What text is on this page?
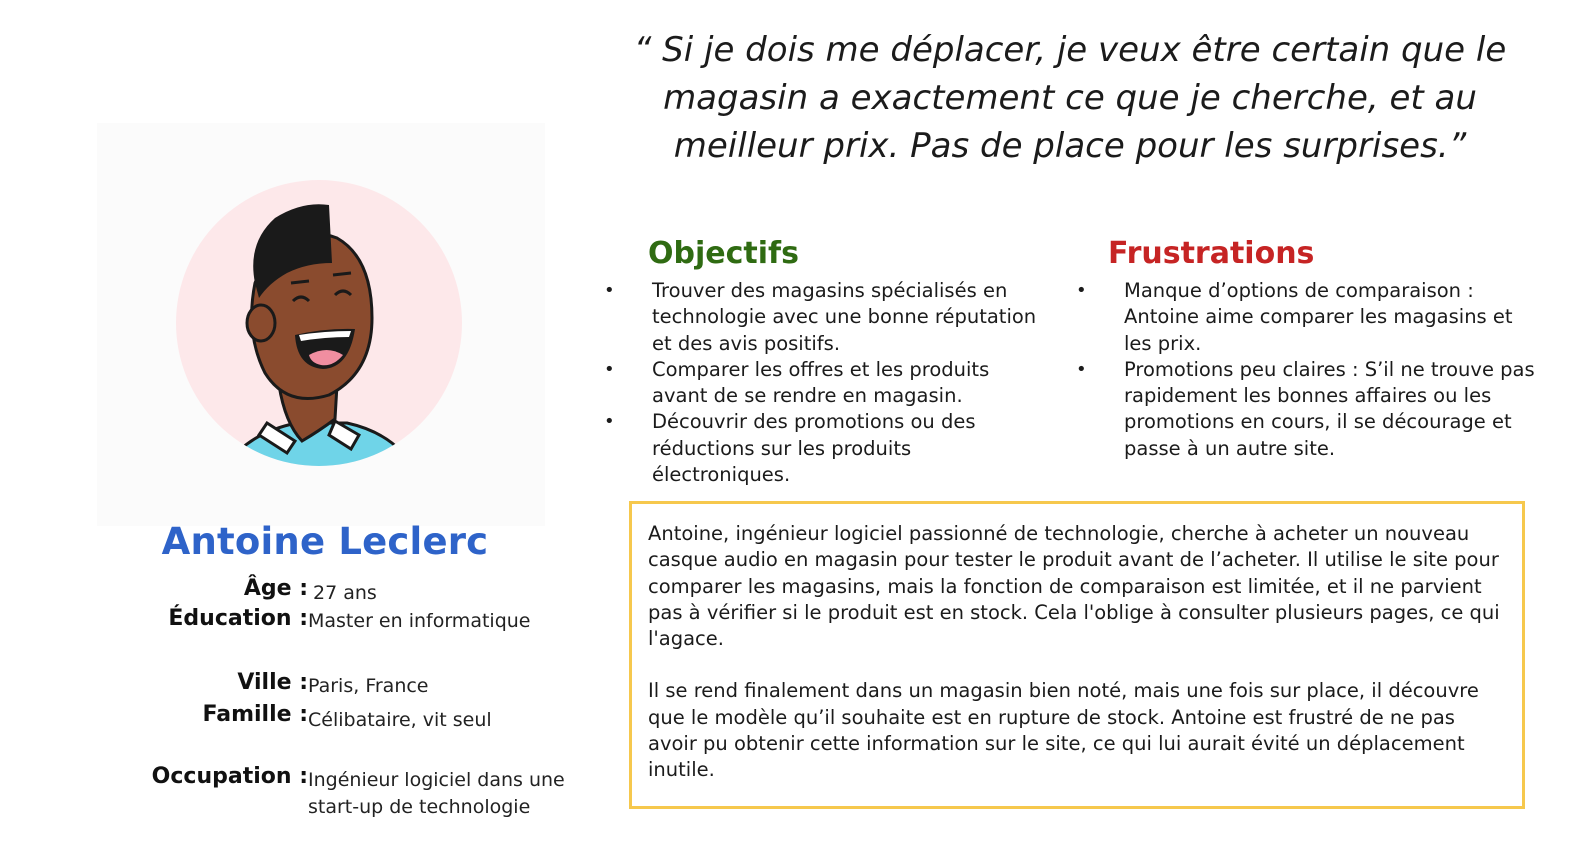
Antoine Leclerc
Âge : 27 ans
Éducation : Master en informatique
Ville : Paris, France
Famille : Célibataire, vit seul
Occupation : Ingénieur logiciel dans une start-up de technologie
“ Si je dois me déplacer, je veux être certain que le magasin a exactement ce que je cherche, et au meilleur prix. Pas de place pour les surprises.”
Objectifs
• Trouver des magasins spécialisés en technologie avec une bonne réputation et des avis positifs.
• Comparer les offres et les produits avant de se rendre en magasin.
• Découvrir des promotions ou des réductions sur les produits électroniques.
Frustrations
• Manque d’options de comparaison : Antoine aime comparer les magasins et les prix.
• Promotions peu claires : S’il ne trouve pas rapidement les bonnes affaires ou les promotions en cours, il se décourage et passe à un autre site.

Antoine, ingénieur logiciel passionné de technologie, cherche à acheter un nouveau casque audio en magasin pour tester le produit avant de l’acheter. Il utilise le site pour comparer les magasins, mais la fonction de comparaison est limitée, et il ne parvient pas à vérifier si le produit est en stock. Cela l'oblige à consulter plusieurs pages, ce qui l'agace.

Il se rend finalement dans un magasin bien noté, mais une fois sur place, il découvre que le modèle qu’il souhaite est en rupture de stock. Antoine est frustré de ne pas avoir pu obtenir cette information sur le site, ce qui lui aurait évité un déplacement inutile.
